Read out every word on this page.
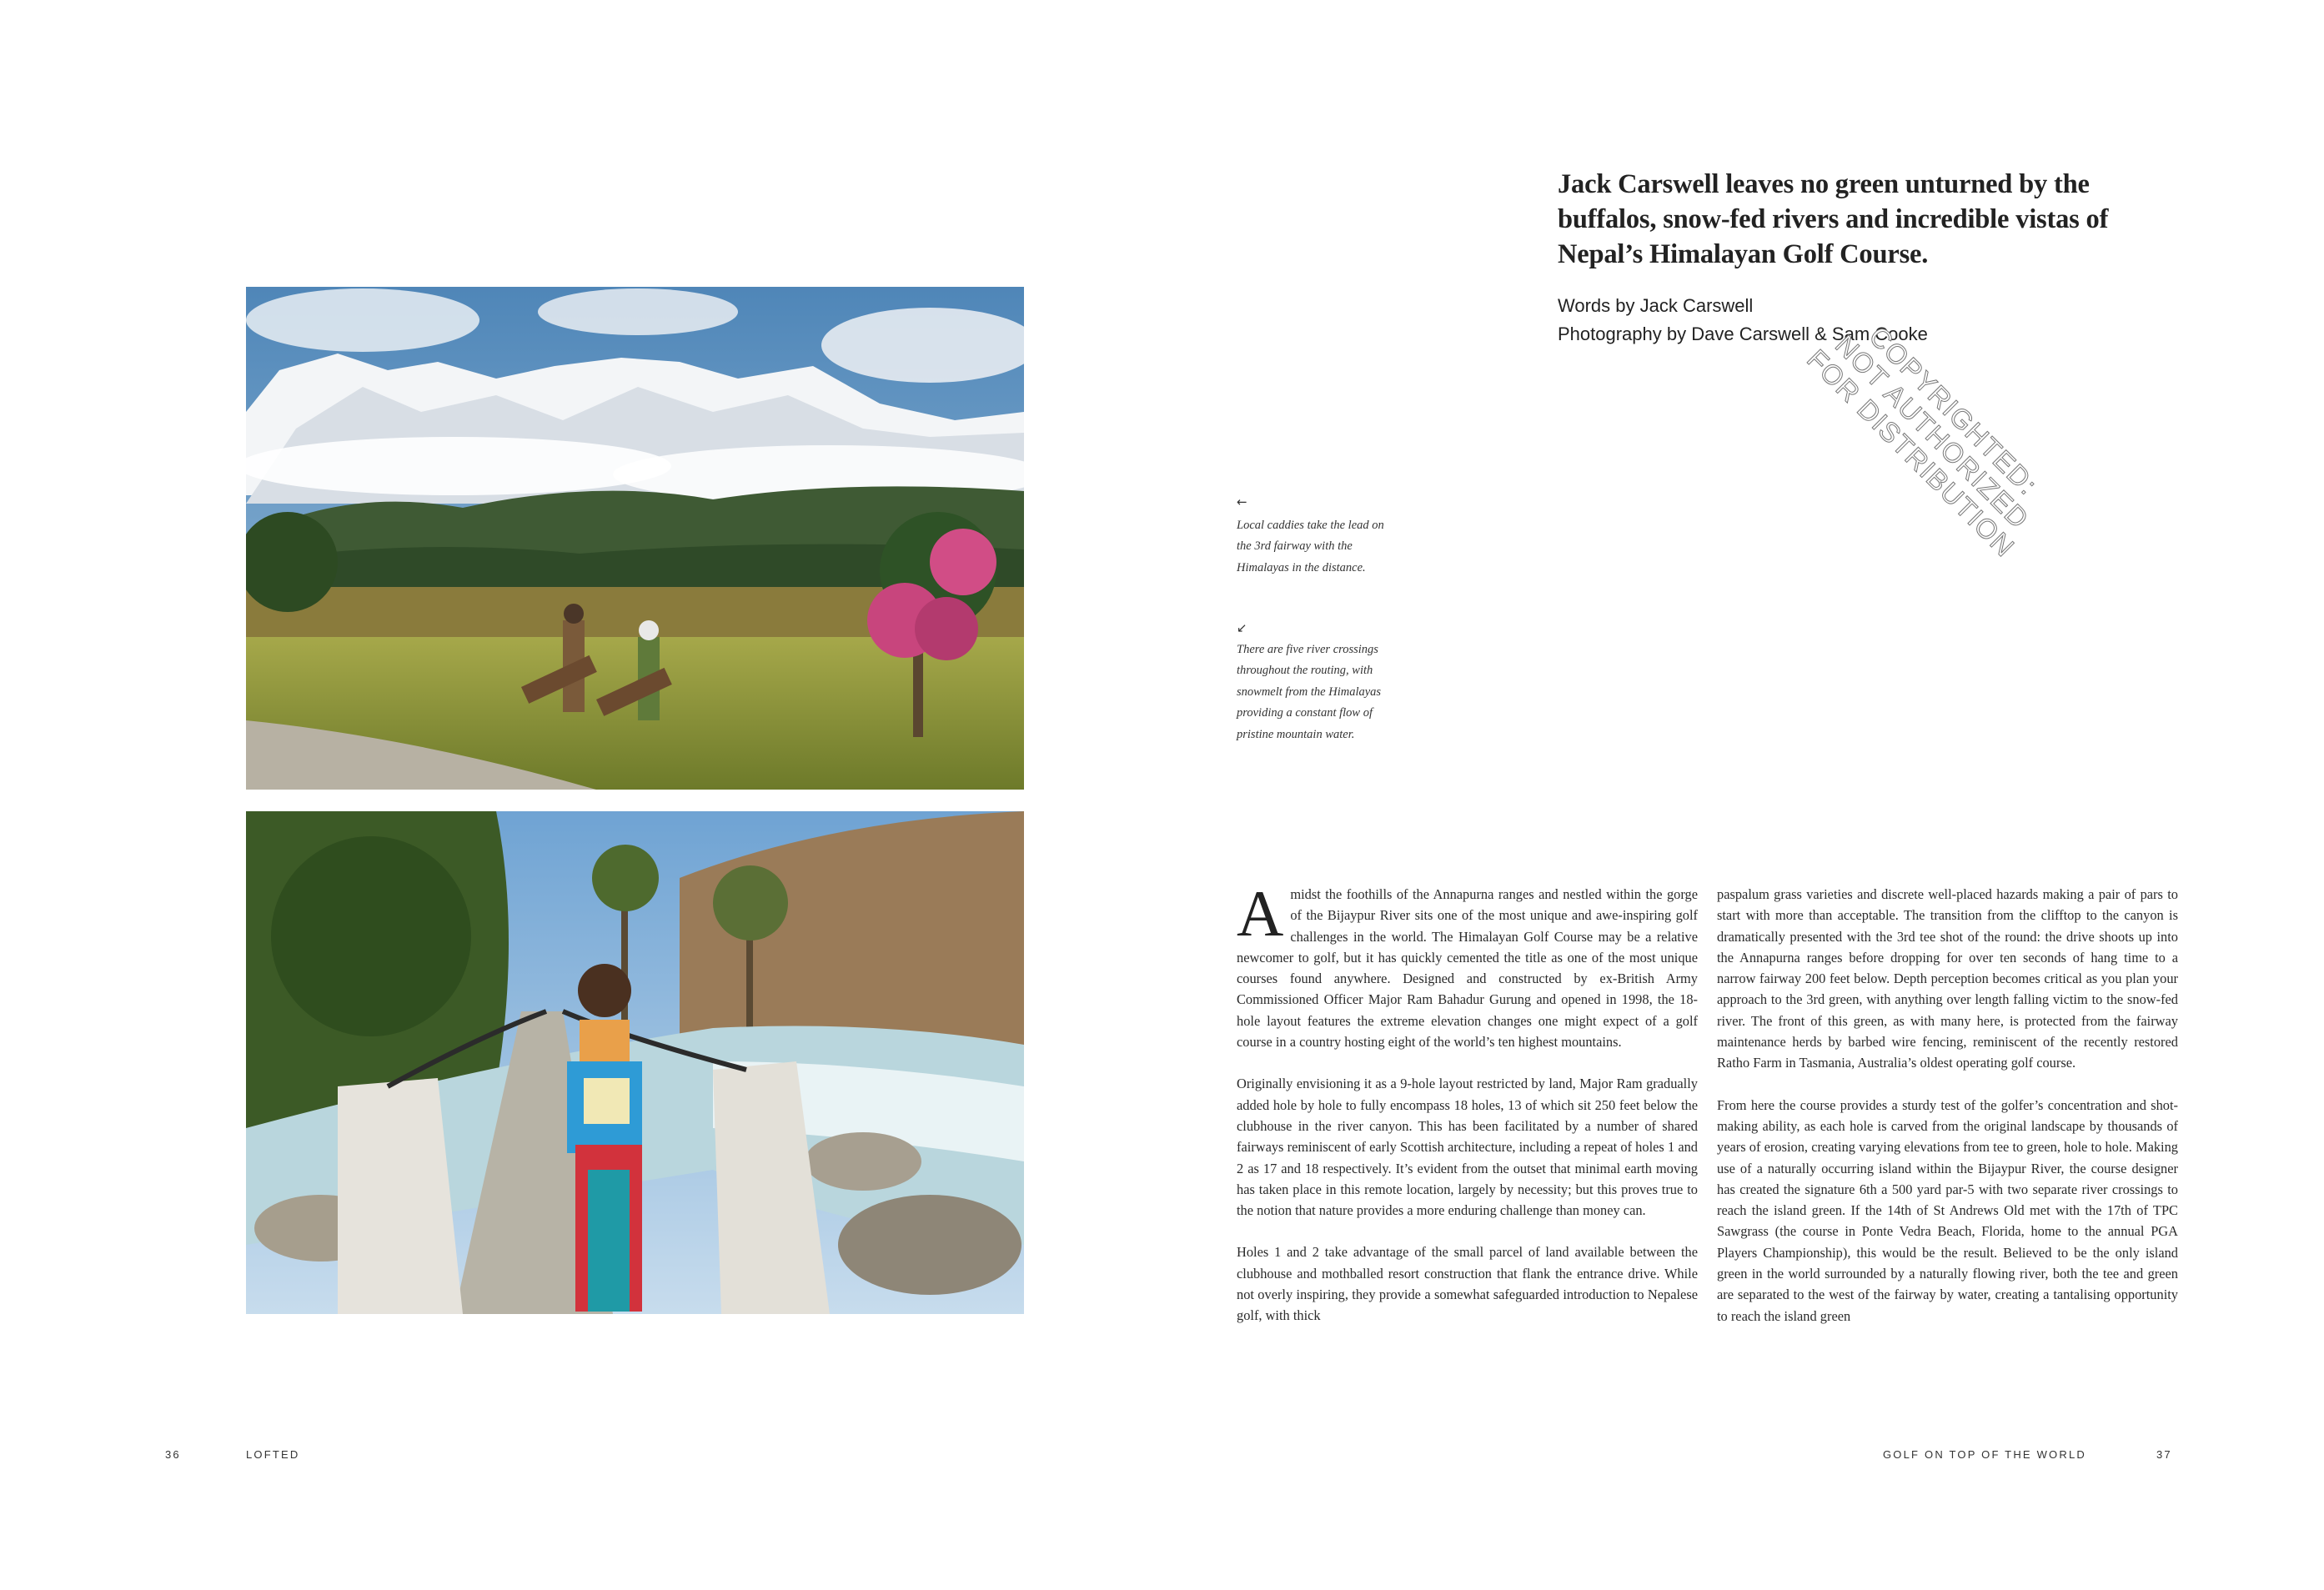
←
Local caddies take the lead on the 3rd fairway with the Himalayas in the distance.
↙
There are five river crossings throughout the routing, with snowmelt from the Himalayas providing a constant flow of pristine mountain water.
Jack Carswell leaves no green unturned by the buffalos, snow-fed rivers and incredible vistas of Nepal’s Himalayan Golf Course.
Words by Jack Carswell
Photography by Dave Carswell & Sam Cooke
COPYRIGHTED: NOT AUTHORIZED FOR DISTRIBUTION

Amidst the foothills of the Annapurna ranges and nestled within the gorge of the Bijaypur River sits one of the most unique and awe-inspiring golf challenges in the world. The Himalayan Golf Course may be a relative newcomer to golf, but it has quickly cemented the title as one of the most unique courses found anywhere. Designed and constructed by ex-British Army Commissioned Officer Major Ram Bahadur Gurung and opened in 1998, the 18-hole layout features the extreme elevation changes one might expect of a golf course in a country hosting eight of the world’s ten highest mountains.

Originally envisioning it as a 9-hole layout restricted by land, Major Ram gradually added hole by hole to fully encompass 18 holes, 13 of which sit 250 feet below the clubhouse in the river canyon. This has been facilitated by a number of shared fairways reminiscent of early Scottish architecture, including a repeat of holes 1 and 2 as 17 and 18 respectively. It’s evident from the outset that minimal earth moving has taken place in this remote location, largely by necessity; but this proves true to the notion that nature provides a more enduring challenge than money can.

Holes 1 and 2 take advantage of the small parcel of land available between the clubhouse and mothballed resort construction that flank the entrance drive. While not overly inspiring, they provide a somewhat safeguarded introduction to Nepalese golf, with thick

paspalum grass varieties and discrete well-placed hazards making a pair of pars to start with more than acceptable. The transition from the clifftop to the canyon is dramatically presented with the 3rd tee shot of the round: the drive shoots up into the Annapurna ranges before dropping for over ten seconds of hang time to a narrow fairway 200 feet below. Depth perception becomes critical as you plan your approach to the 3rd green, with anything over length falling victim to the snow-fed river. The front of this green, as with many here, is protected from the fairway maintenance herds by barbed wire fencing, reminiscent of the recently restored Ratho Farm in Tasmania, Australia’s oldest operating golf course.

From here the course provides a sturdy test of the golfer’s concentration and shot-making ability, as each hole is carved from the original landscape by thousands of years of erosion, creating varying elevations from tee to green, hole to hole. Making use of a naturally occurring island within the Bijaypur River, the course designer has created the signature 6th a 500 yard par-5 with two separate river crossings to reach the island green. If the 14th of St Andrews Old met with the 17th of TPC Sawgrass (the course in Ponte Vedra Beach, Florida, home to the annual PGA Players Championship), this would be the result. Believed to be the only island green in the world surrounded by a naturally flowing river, both the tee and green are separated to the west of the fairway by water, creating a tantalising opportunity to reach the island green

36	LOFTED	GOLF ON TOP OF THE WORLD	37
